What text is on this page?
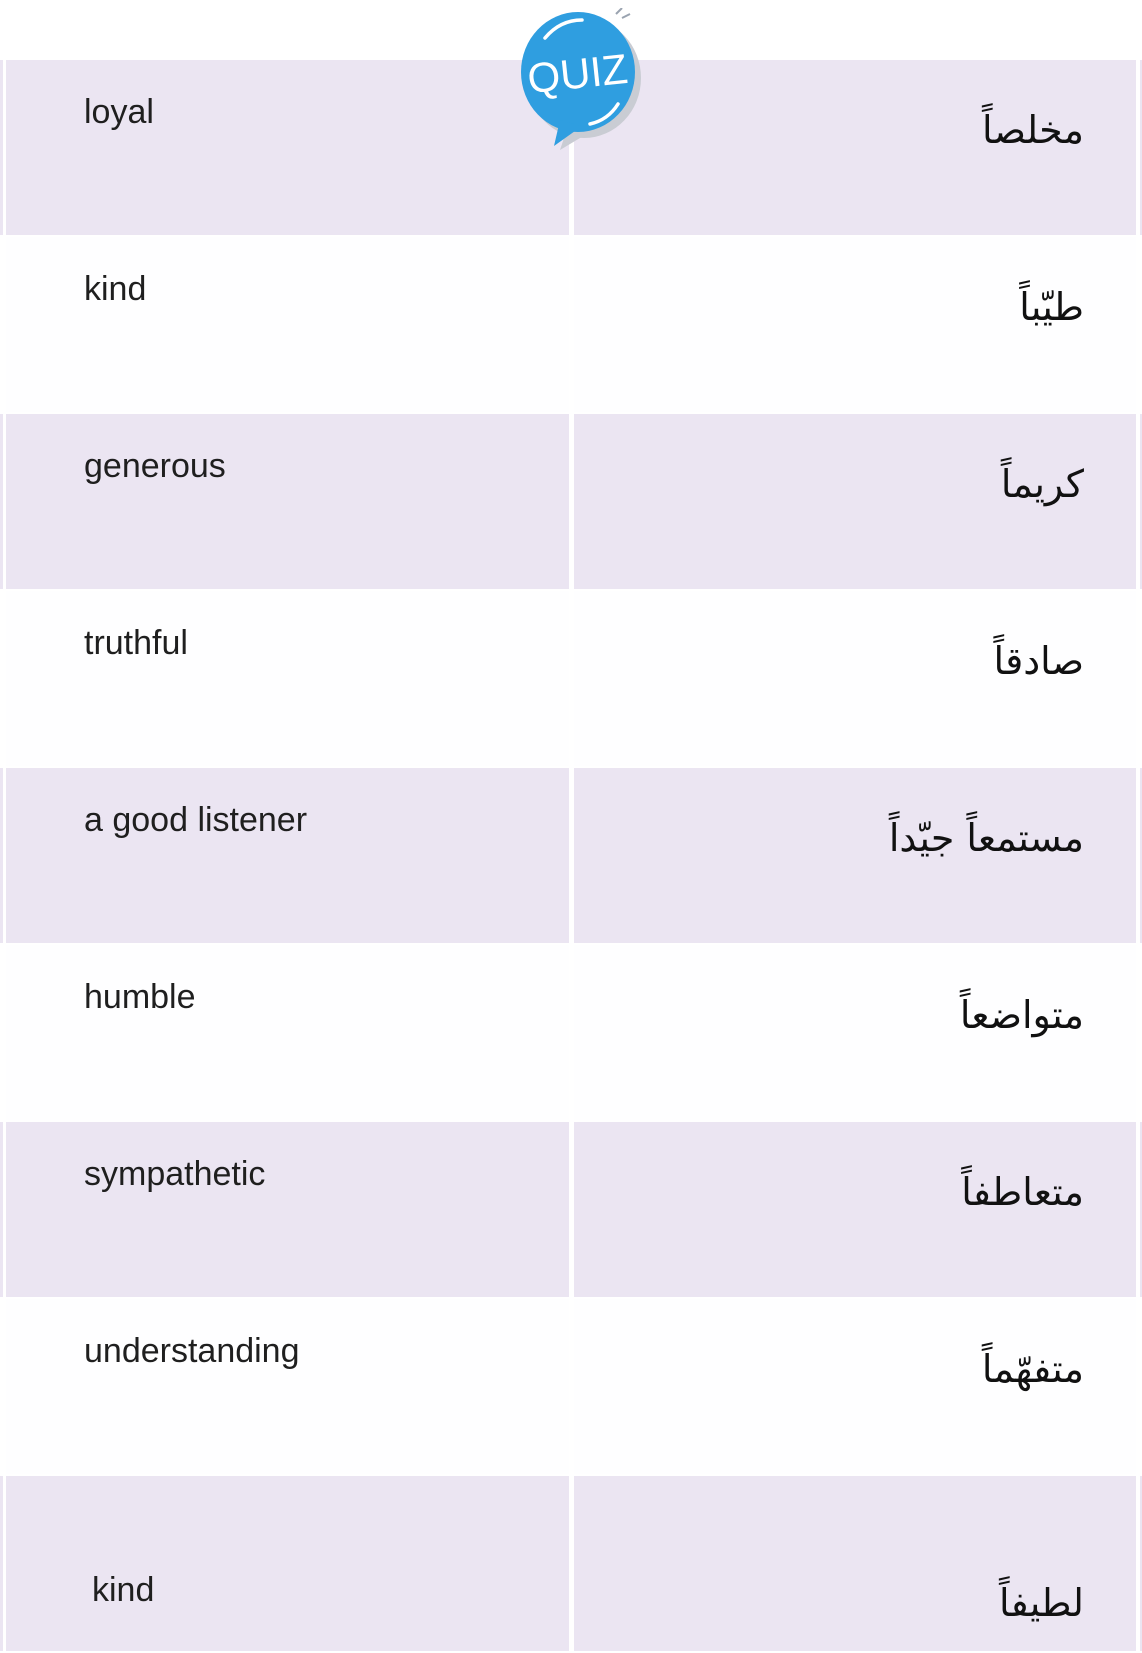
loyal	مخلصاً
kind	طيّباً
generous	كريماً
truthful	صادقاً
a good listener	مستمعاً جيّداً
humble	متواضعاً
sympathetic	متعاطفاً
understanding	متفهّماً
kind	لطيفاً
QUIZ
